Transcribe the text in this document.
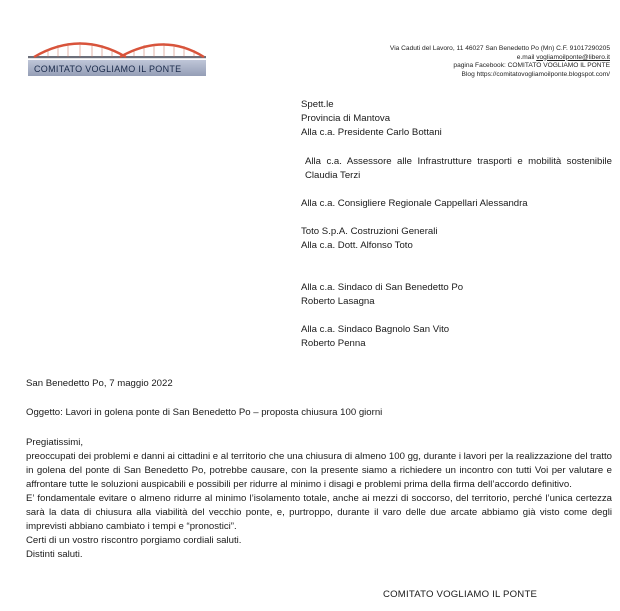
COMITATO VOGLIAMO IL PONTE
Via Caduti del Lavoro, 11 46027 San Benedetto Po (Mn) C.F. 91017290205
e.mail vogliamoilponte@libero.it
pagina Facebook: COMITATO VOGLIAMO IL PONTE
Blog https://comitatovogliamoilponte.blogspot.com/
Spett.le
Provincia di Mantova
Alla c.a. Presidente Carlo Bottani
Alla c.a. Assessore alle Infrastrutture trasporti e mobilità sostenibile Claudia Terzi
Alla c.a. Consigliere Regionale Cappellari Alessandra
Toto S.p.A. Costruzioni Generali
Alla c.a. Dott. Alfonso Toto
Alla c.a. Sindaco di San Benedetto Po
Roberto Lasagna
Alla c.a. Sindaco Bagnolo San Vito
Roberto Penna
San Benedetto Po, 7 maggio 2022
Oggetto: Lavori in golena ponte di San Benedetto Po – proposta chiusura 100 giorni
Pregiatissimi,
preoccupati dei problemi e danni ai cittadini e al territorio che una chiusura di almeno 100 gg, durante i lavori per la realizzazione del tratto in golena del ponte di San Benedetto Po, potrebbe causare, con la presente siamo a richiedere un incontro con tutti Voi per valutare e affrontare tutte le soluzioni auspicabili e possibili per ridurre al minimo i disagi e problemi prima della firma dell’accordo definitivo.
E’ fondamentale evitare o almeno ridurre al minimo l’isolamento totale, anche ai mezzi di soccorso, del territorio, perché l’unica certezza sarà la data di chiusura alla viabilità del vecchio ponte, e, purtroppo, durante il varo delle due arcate abbiamo già visto come degli imprevisti abbiano cambiato i tempi e “pronostici”.
Certi di un vostro riscontro porgiamo cordiali saluti.
Distinti saluti.
COMITATO VOGLIAMO IL PONTE
